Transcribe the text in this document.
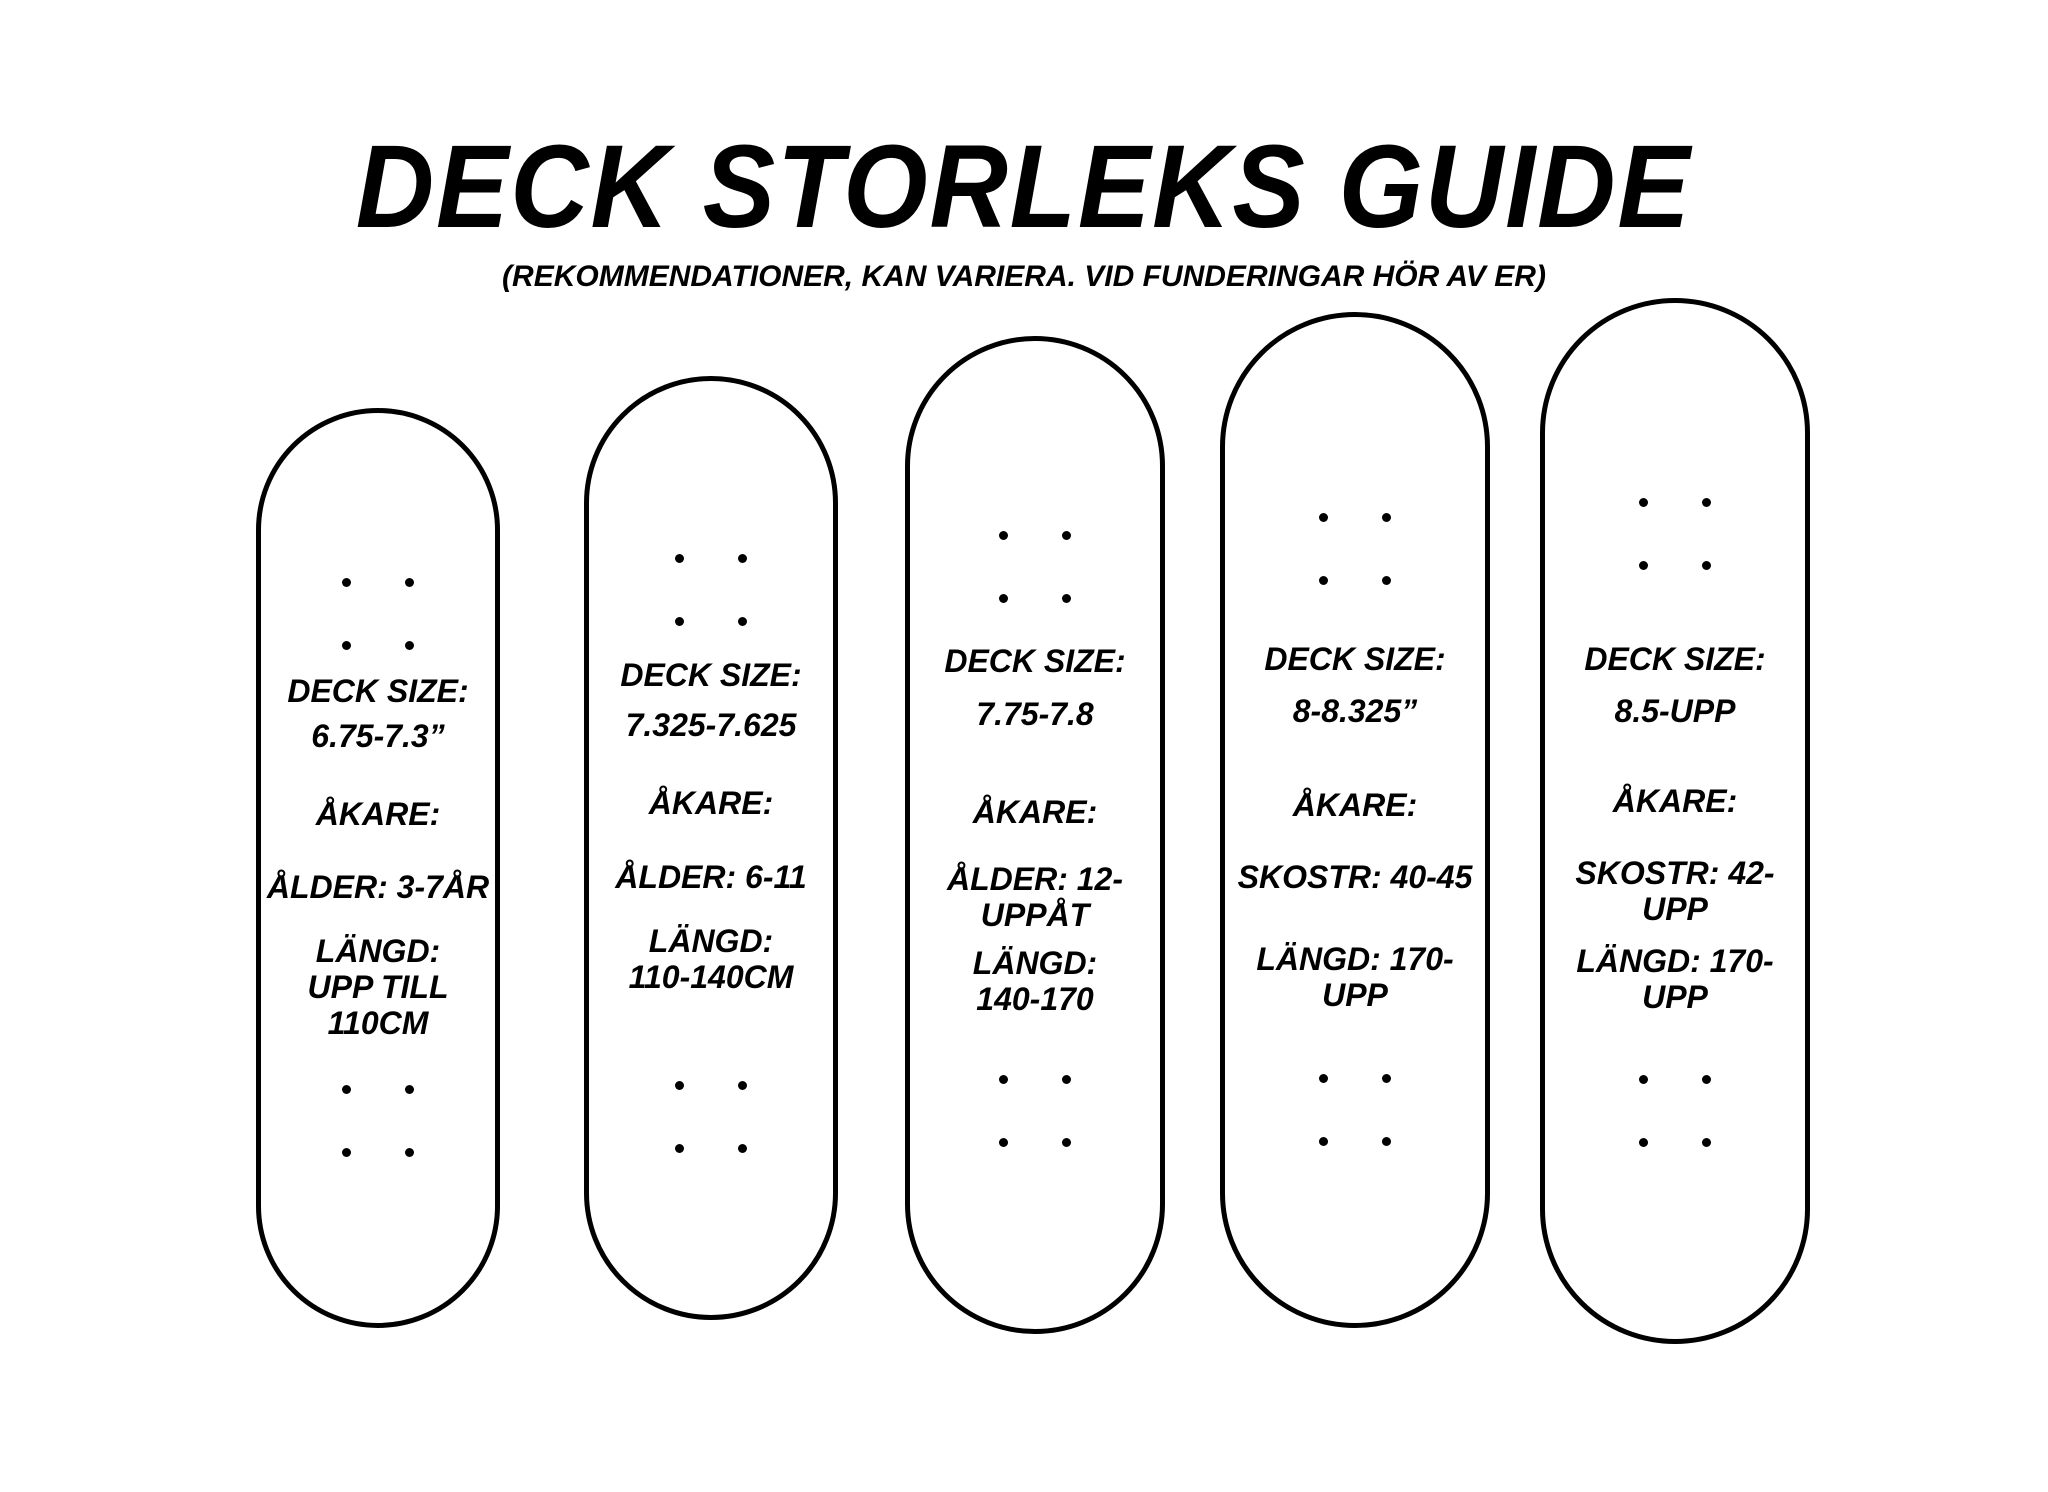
DECK STORLEKS GUIDE
(REKOMMENDATIONER, KAN VARIERA. VID FUNDERINGAR HÖR AV ER)
DECK SIZE:
6.75-7.3”
ÅKARE:
ÅLDER: 3-7ÅR
LÄNGD:
UPP TILL
110CM
DECK SIZE:
7.325-7.625
ÅKARE:
ÅLDER: 6-11
LÄNGD:
110-140CM
DECK SIZE:
7.75-7.8
ÅKARE:
ÅLDER: 12-
UPPÅT
LÄNGD:
140-170
DECK SIZE:
8-8.325”
ÅKARE:
SKOSTR: 40-45
LÄNGD: 170-
UPP
DECK SIZE:
8.5-UPP
ÅKARE:
SKOSTR: 42-UPP
LÄNGD: 170-
UPP
